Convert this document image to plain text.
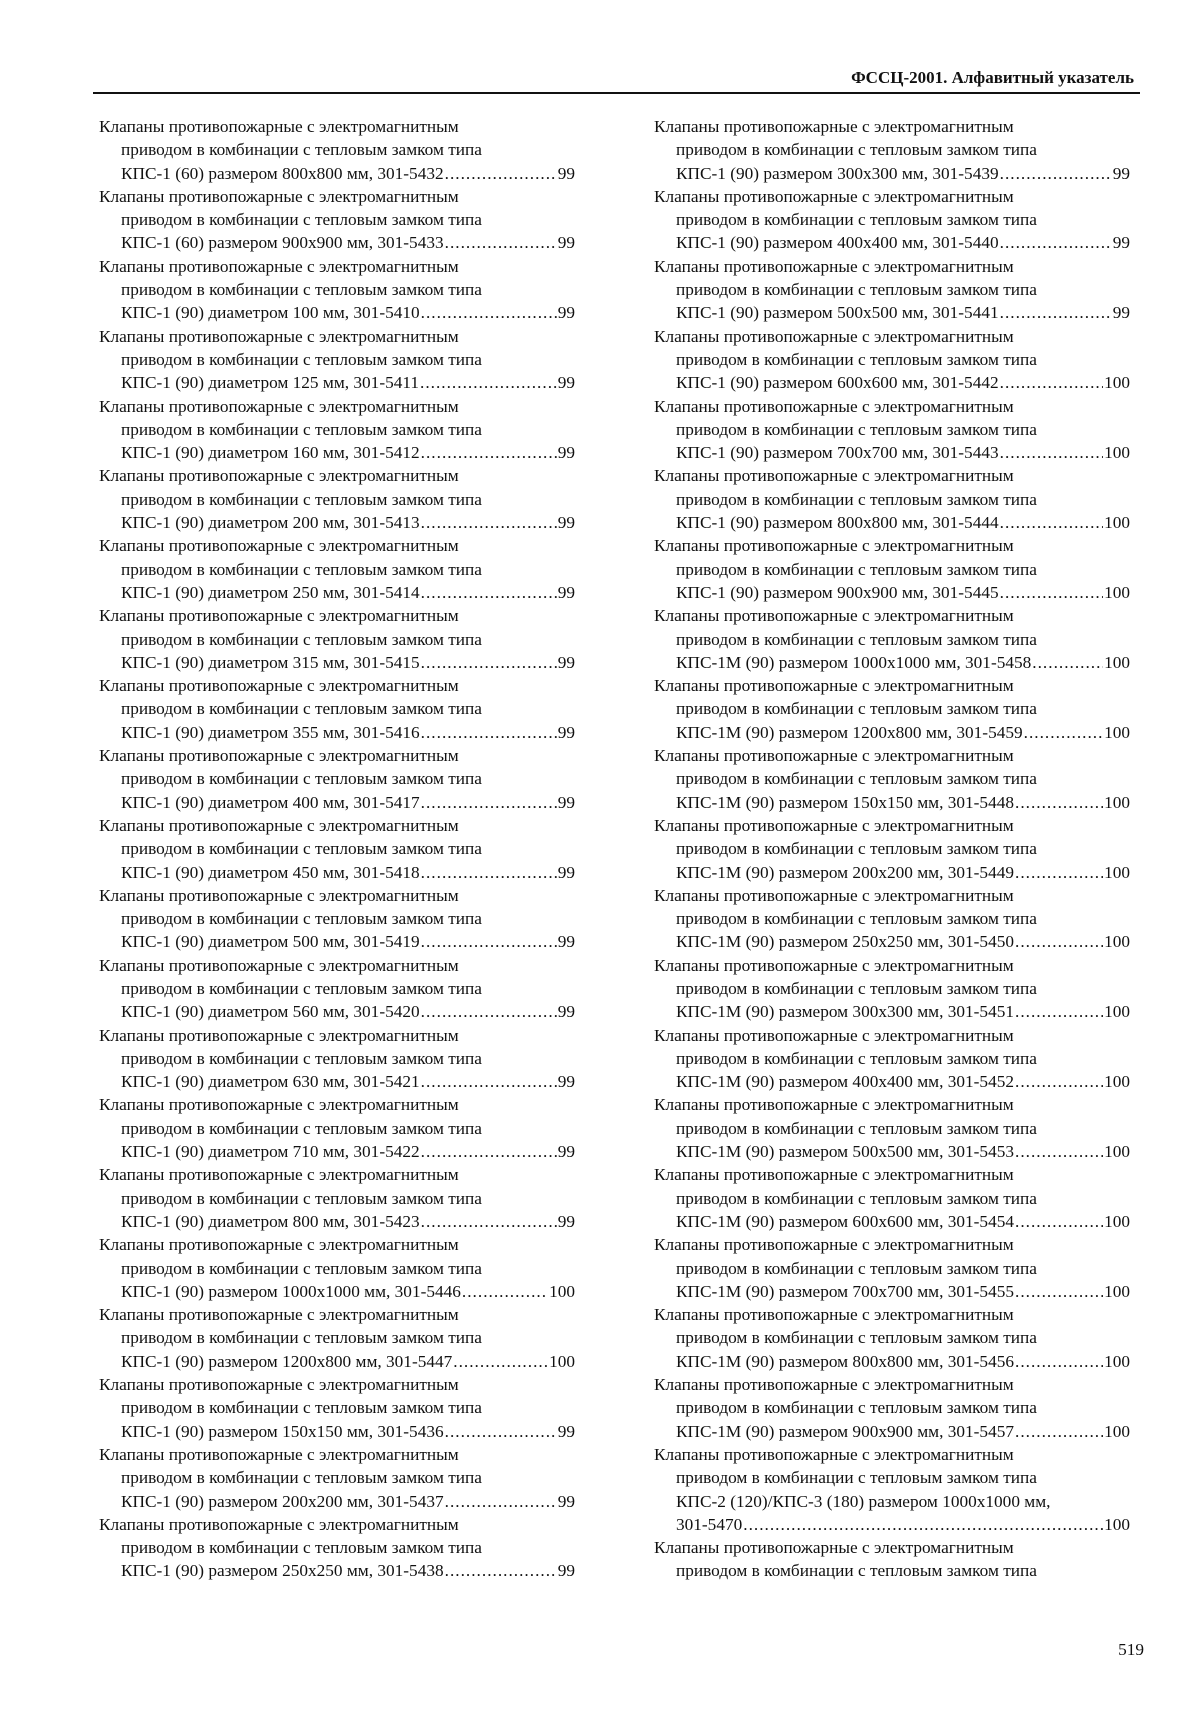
ФССЦ-2001. Алфавитный указатель
Клапаны противопожарные с электромагнитным
приводом в комбинации с тепловым замком типа
КПС-1 (60) размером 800x800 мм, 301-5432 .....	99
Клапаны противопожарные с электромагнитным
приводом в комбинации с тепловым замком типа
КПС-1 (60) размером 900x900 мм, 301-5433 .....	99
Клапаны противопожарные с электромагнитным
приводом в комбинации с тепловым замком типа
КПС-1 (90) диаметром 100 мм, 301-5410 .....	99
Клапаны противопожарные с электромагнитным
приводом в комбинации с тепловым замком типа
КПС-1 (90) диаметром 125 мм, 301-5411 .....	99
Клапаны противопожарные с электромагнитным
приводом в комбинации с тепловым замком типа
КПС-1 (90) диаметром 160 мм, 301-5412 .....	99
Клапаны противопожарные с электромагнитным
приводом в комбинации с тепловым замком типа
КПС-1 (90) диаметром 200 мм, 301-5413 .....	99
Клапаны противопожарные с электромагнитным
приводом в комбинации с тепловым замком типа
КПС-1 (90) диаметром 250 мм, 301-5414 .....	99
Клапаны противопожарные с электромагнитным
приводом в комбинации с тепловым замком типа
КПС-1 (90) диаметром 315 мм, 301-5415 .....	99
Клапаны противопожарные с электромагнитным
приводом в комбинации с тепловым замком типа
КПС-1 (90) диаметром 355 мм, 301-5416 .....	99
Клапаны противопожарные с электромагнитным
приводом в комбинации с тепловым замком типа
КПС-1 (90) диаметром 400 мм, 301-5417 .....	99
Клапаны противопожарные с электромагнитным
приводом в комбинации с тепловым замком типа
КПС-1 (90) диаметром 450 мм, 301-5418 .....	99
Клапаны противопожарные с электромагнитным
приводом в комбинации с тепловым замком типа
КПС-1 (90) диаметром 500 мм, 301-5419 .....	99
Клапаны противопожарные с электромагнитным
приводом в комбинации с тепловым замком типа
КПС-1 (90) диаметром 560 мм, 301-5420 .....	99
Клапаны противопожарные с электромагнитным
приводом в комбинации с тепловым замком типа
КПС-1 (90) диаметром 630 мм, 301-5421 .....	99
Клапаны противопожарные с электромагнитным
приводом в комбинации с тепловым замком типа
КПС-1 (90) диаметром 710 мм, 301-5422 .....	99
Клапаны противопожарные с электромагнитным
приводом в комбинации с тепловым замком типа
КПС-1 (90) диаметром 800 мм, 301-5423 .....	99
Клапаны противопожарные с электромагнитным
приводом в комбинации с тепловым замком типа
КПС-1 (90) размером 1000x1000 мм, 301-5446 .....	100
Клапаны противопожарные с электромагнитным
приводом в комбинации с тепловым замком типа
КПС-1 (90) размером 1200x800 мм, 301-5447 .....	100
Клапаны противопожарные с электромагнитным
приводом в комбинации с тепловым замком типа
КПС-1 (90) размером 150x150 мм, 301-5436 .....	99
Клапаны противопожарные с электромагнитным
приводом в комбинации с тепловым замком типа
КПС-1 (90) размером 200x200 мм, 301-5437 .....	99
Клапаны противопожарные с электромагнитным
приводом в комбинации с тепловым замком типа
КПС-1 (90) размером 250x250 мм, 301-5438 .....	99
Клапаны противопожарные с электромагнитным
приводом в комбинации с тепловым замком типа
КПС-1 (90) размером 300x300 мм, 301-5439 .....	99
Клапаны противопожарные с электромагнитным
приводом в комбинации с тепловым замком типа
КПС-1 (90) размером 400x400 мм, 301-5440 .....	99
Клапаны противопожарные с электромагнитным
приводом в комбинации с тепловым замком типа
КПС-1 (90) размером 500x500 мм, 301-5441 .....	99
Клапаны противопожарные с электромагнитным
приводом в комбинации с тепловым замком типа
КПС-1 (90) размером 600x600 мм, 301-5442 .....	100
Клапаны противопожарные с электромагнитным
приводом в комбинации с тепловым замком типа
КПС-1 (90) размером 700x700 мм, 301-5443 .....	100
Клапаны противопожарные с электромагнитным
приводом в комбинации с тепловым замком типа
КПС-1 (90) размером 800x800 мм, 301-5444 .....	100
Клапаны противопожарные с электромагнитным
приводом в комбинации с тепловым замком типа
КПС-1 (90) размером 900x900 мм, 301-5445 .....	100
Клапаны противопожарные с электромагнитным
приводом в комбинации с тепловым замком типа
КПС-1М (90) размером 1000x1000 мм, 301-5458 .....	100
Клапаны противопожарные с электромагнитным
приводом в комбинации с тепловым замком типа
КПС-1М (90) размером 1200x800 мм, 301-5459 .....	100
Клапаны противопожарные с электромагнитным
приводом в комбинации с тепловым замком типа
КПС-1М (90) размером 150x150 мм, 301-5448 .....	100
Клапаны противопожарные с электромагнитным
приводом в комбинации с тепловым замком типа
КПС-1М (90) размером 200x200 мм, 301-5449 .....	100
Клапаны противопожарные с электромагнитным
приводом в комбинации с тепловым замком типа
КПС-1М (90) размером 250x250 мм, 301-5450 .....	100
Клапаны противопожарные с электромагнитным
приводом в комбинации с тепловым замком типа
КПС-1М (90) размером 300x300 мм, 301-5451 .....	100
Клапаны противопожарные с электромагнитным
приводом в комбинации с тепловым замком типа
КПС-1М (90) размером 400x400 мм, 301-5452 .....	100
Клапаны противопожарные с электромагнитным
приводом в комбинации с тепловым замком типа
КПС-1М (90) размером 500x500 мм, 301-5453 .....	100
Клапаны противопожарные с электромагнитным
приводом в комбинации с тепловым замком типа
КПС-1М (90) размером 600x600 мм, 301-5454 .....	100
Клапаны противопожарные с электромагнитным
приводом в комбинации с тепловым замком типа
КПС-1М (90) размером 700x700 мм, 301-5455 .....	100
Клапаны противопожарные с электромагнитным
приводом в комбинации с тепловым замком типа
КПС-1М (90) размером 800x800 мм, 301-5456 .....	100
Клапаны противопожарные с электромагнитным
приводом в комбинации с тепловым замком типа
КПС-1М (90) размером 900x900 мм, 301-5457 .....	100
Клапаны противопожарные с электромагнитным
приводом в комбинации с тепловым замком типа
КПС-2 (120)/КПС-3 (180) размером 1000x1000 мм,
301-5470 .....	100
Клапаны противопожарные с электромагнитным
приводом в комбинации с тепловым замком типа
519
